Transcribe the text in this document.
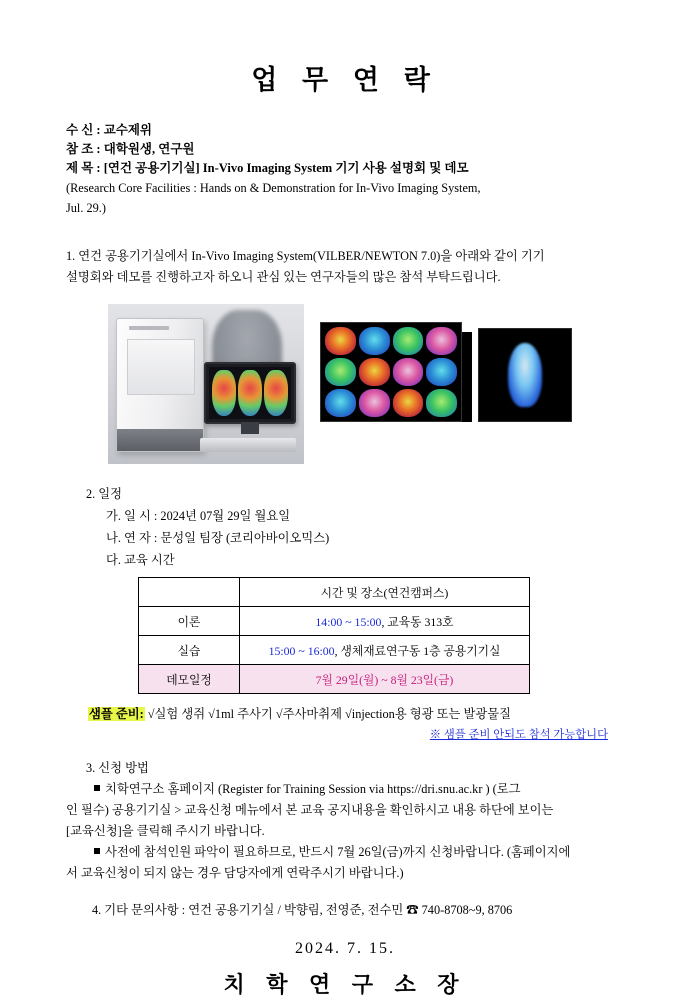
업 무 연 락
수 신 : 교수제위
참 조 : 대학원생, 연구원
제 목 : [연건 공용기기실] In-Vivo Imaging System 기기 사용 설명회 및 데모
(Research Core Facilities : Hands on & Demonstration for In-Vivo Imaging System,
Jul. 29.)
1. 연건 공용기기실에서 In-Vivo Imaging System(VILBER/NEWTON 7.0)을 아래와 같이 기기
설명회와 데모를 진행하고자 하오니 관심 있는 연구자들의 많은 참석 부탁드립니다.
2. 일정
가. 일 시 : 2024년 07월 29일 월요일
나. 연 자 : 문성일 팀장 (코리아바이오믹스)
다. 교육 시간
	시간 및 장소(연건캠퍼스)
이론	14:00 ~ 15:00, 교육동 313호
실습	15:00 ~ 16:00, 생체재료연구동 1층 공용기기실
데모일정	7월 29일(월) ~ 8월 23일(금)
샘플 준비: √실험 생쥐 √1ml 주사기 √주사마취제 √injection용 형광 또는 발광물질
※ 샘플 준비 안되도 참석 가능합니다
3. 신청 방법
치학연구소 홈페이지 (Register for Training Session via https://dri.snu.ac.kr ) (로그
인 필수) 공용기기실 > 교육신청 메뉴에서 본 교육 공지내용을 확인하시고 내용 하단에 보이는
[교육신청]을 클릭해 주시기 바랍니다.
사전에 참석인원 파악이 필요하므로, 반드시 7월 26일(금)까지 신청바랍니다. (홈페이지에
서 교육신청이 되지 않는 경우 담당자에게 연락주시기 바랍니다.)
4. 기타 문의사항 : 연건 공용기기실 / 박향림, 전영준, 전수민 ☎ 740-8708~9, 8706
2024. 7. 15.
치 학 연 구 소 장
